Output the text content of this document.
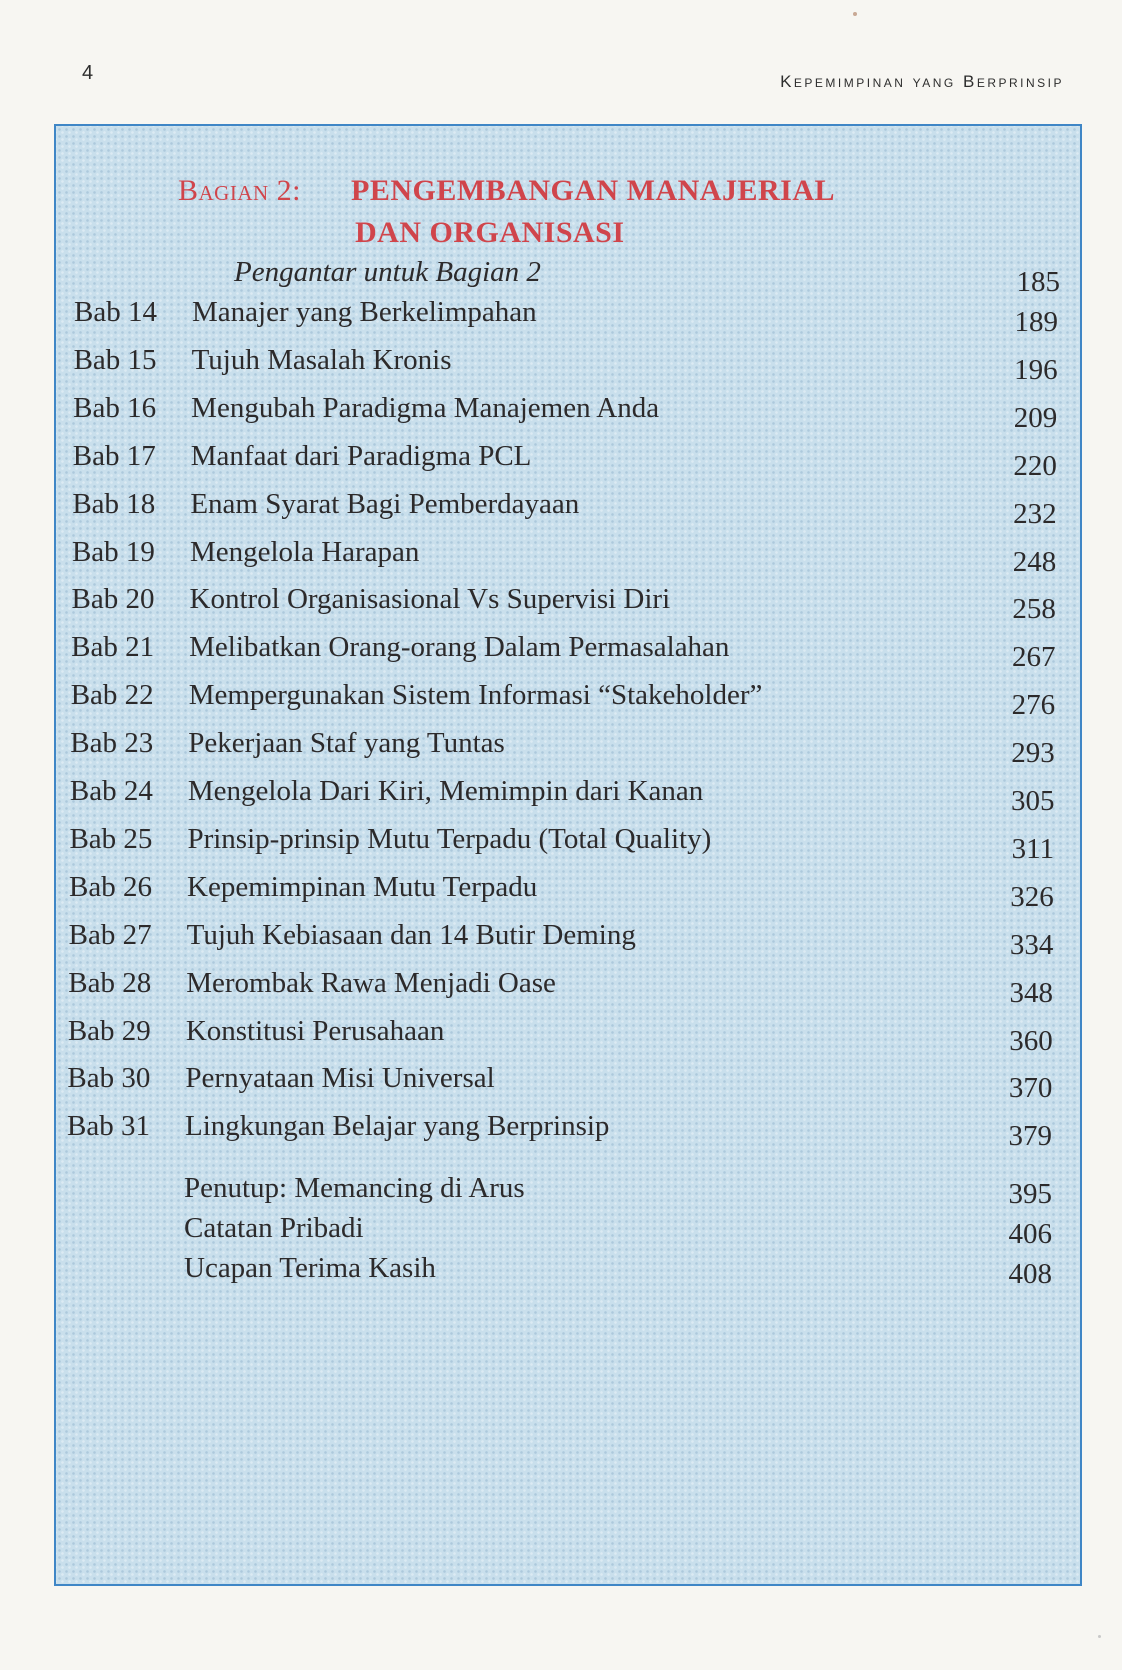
4	Kepemimpinan yang Berprinsip
Bagian 2: PENGEMBANGAN MANAJERIAL
DAN ORGANISASI
Pengantar untuk Bagian 2	185
Bab 14 Manajer yang Berkelimpahan	189
Bab 15 Tujuh Masalah Kronis	196
Bab 16 Mengubah Paradigma Manajemen Anda	209
Bab 17 Manfaat dari Paradigma PCL	220
Bab 18 Enam Syarat Bagi Pemberdayaan	232
Bab 19 Mengelola Harapan	248
Bab 20 Kontrol Organisasional Vs Supervisi Diri	258
Bab 21 Melibatkan Orang-orang Dalam Permasalahan	267
Bab 22 Mempergunakan Sistem Informasi “Stakeholder”	276
Bab 23 Pekerjaan Staf yang Tuntas	293
Bab 24 Mengelola Dari Kiri, Memimpin dari Kanan	305
Bab 25 Prinsip-prinsip Mutu Terpadu (Total Quality)	311
Bab 26 Kepemimpinan Mutu Terpadu	326
Bab 27 Tujuh Kebiasaan dan 14 Butir Deming	334
Bab 28 Merombak Rawa Menjadi Oase	348
Bab 29 Konstitusi Perusahaan	360
Bab 30 Pernyataan Misi Universal	370
Bab 31 Lingkungan Belajar yang Berprinsip	379
Penutup: Memancing di Arus	395
Catatan Pribadi	406
Ucapan Terima Kasih	408
